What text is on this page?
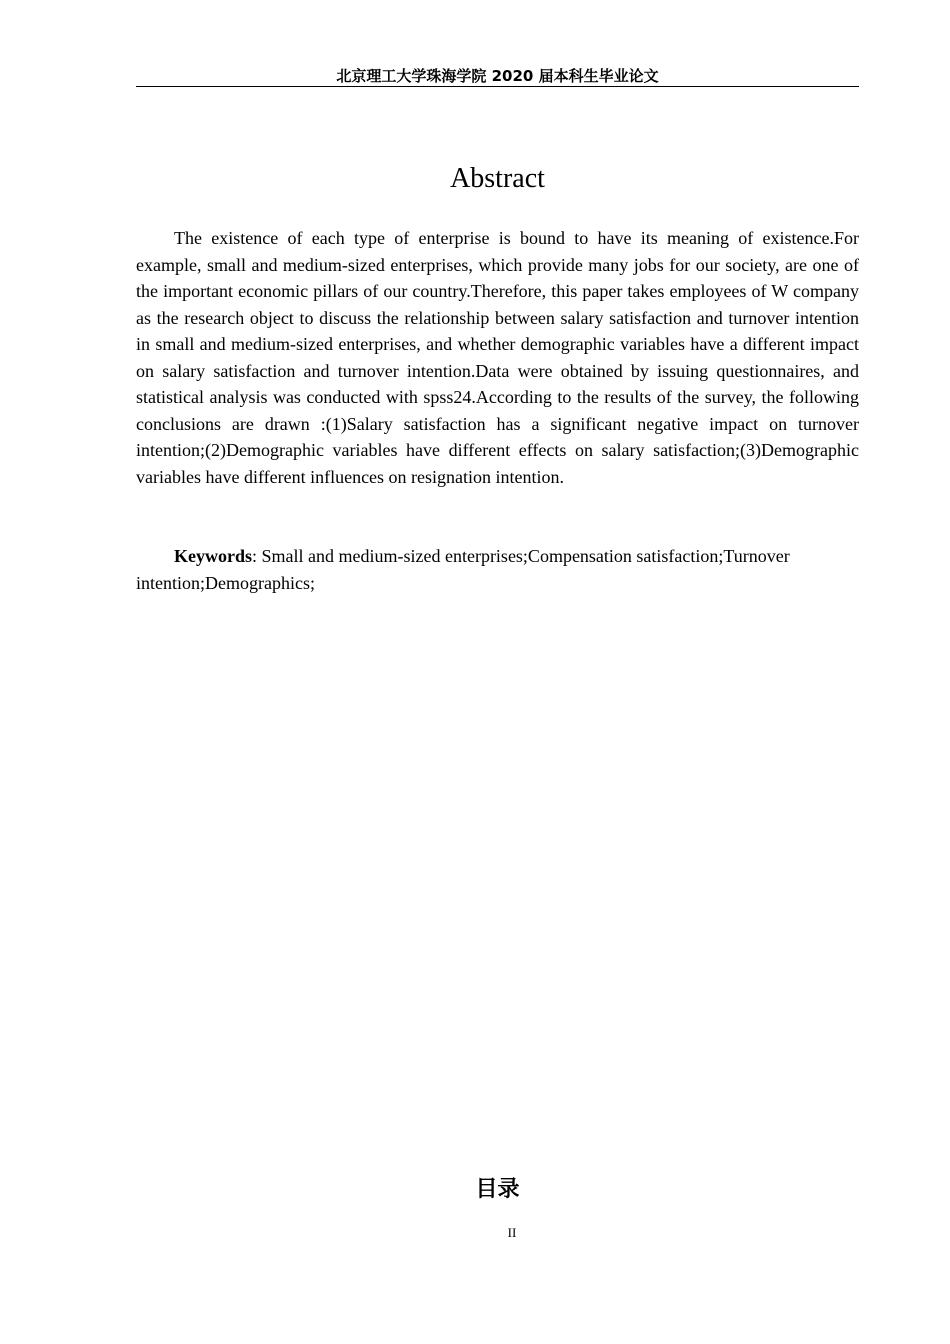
北京理工大学珠海学院 2020 届本科生毕业论文
Abstract

The existence of each type of enterprise is bound to have its meaning of existence.For example, small and medium-sized enterprises, which provide many jobs for our society, are one of the important economic pillars of our country.Therefore, this paper takes employees of W company as the research object to discuss the relationship between salary satisfaction and turnover intention in small and medium-sized enterprises, and whether demographic variables have a different impact on salary satisfaction and turnover intention.Data were obtained by issuing questionnaires, and statistical analysis was conducted with spss24.According to the results of the survey, the following conclusions are drawn :(1)Salary satisfaction has a significant negative impact on turnover intention;(2)Demographic variables have different effects on salary satisfaction;(3)Demographic variables have different influences on resignation intention.

Keywords: Small and medium-sized enterprises;Compensation satisfaction;Turnover intention;Demographics;

目录
II
